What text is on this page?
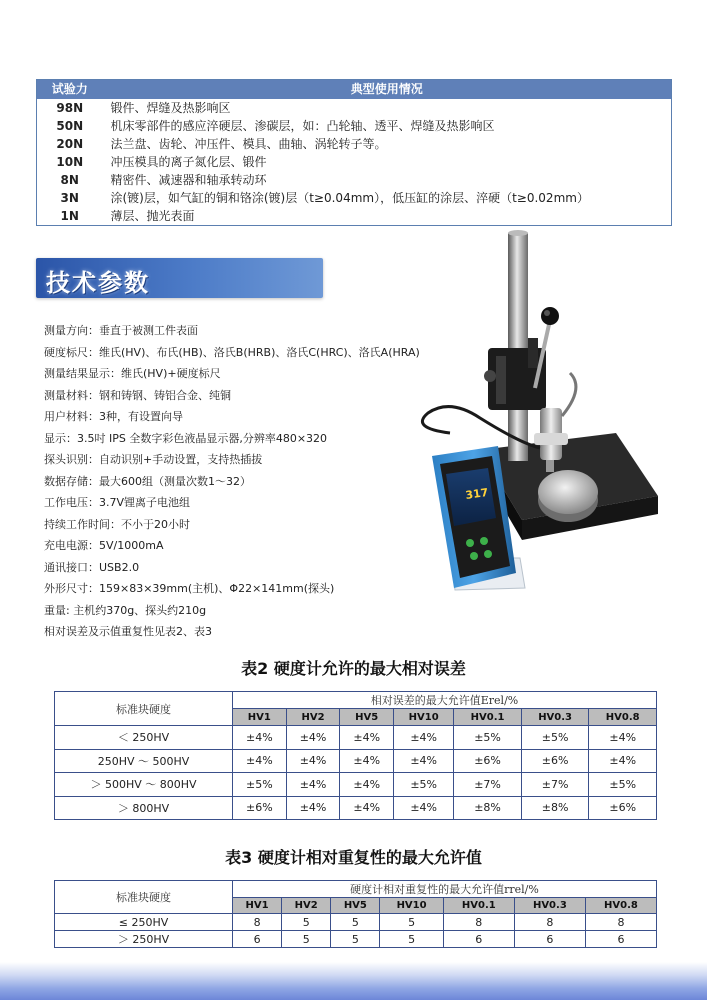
试验力	典型使用情况
98N	锻件、焊缝及热影响区
50N	机床零部件的感应淬硬层、渗碳层，如：凸轮轴、透平、焊缝及热影响区
20N	法兰盘、齿轮、冲压件、模具、曲轴、涡轮转子等。
10N	冲压模具的离子氮化层、锻件
8N	精密件、减速器和轴承转动环
3N	涂(镀)层，如气缸的铜和铬涂(镀)层（t≥0.04mm），低压缸的涂层、淬硬（t≥0.02mm）
1N	薄层、抛光表面
技术参数

测量方向：垂直于被测工件表面

硬度标尺：维氏(HV)、布氏(HB)、洛氏B(HRB)、洛氏C(HRC)、洛氏A(HRA)

测量结果显示：维氏(HV)+硬度标尺

测量材料：钢和铸钢、铸铝合金、纯铜

用户材料：3种，有设置向导

显示：3.5吋 IPS 全数字彩色液晶显示器,分辨率480×320

探头识别：自动识别+手动设置，支持热插拔

数据存储：最大600组（测量次数1～32）

工作电压：3.7V锂离子电池组

持续工作时间：不小于20小时

充电电源：5V/1000mA

通讯接口：USB2.0

外形尺寸：159×83×39mm(主机)、Φ22×141mm(探头)

重量: 主机约370g、探头约210g

相对误差及示值重复性见表2、表3

317
表2 硬度计允许的最大相对误差
标准块硬度	相对误差的最大允许值Erel/%						
	HV1	HV2	HV5	HV10	HV0.1	HV0.3	HV0.8
＜ 250HV	±4%	±4%	±4%	±4%	±5%	±5%	±4%
250HV ～ 500HV	±4%	±4%	±4%	±4%	±6%	±6%	±4%
＞ 500HV ～ 800HV	±5%	±4%	±4%	±5%	±7%	±7%	±5%
＞ 800HV	±6%	±4%	±4%	±4%	±8%	±8%	±6%
表3 硬度计相对重复性的最大允许值
标准块硬度	硬度计相对重复性的最大允许值rrel/%						
	HV1	HV2	HV5	HV10	HV0.1	HV0.3	HV0.8
≤ 250HV	8	5	5	5	8	8	8
＞ 250HV	6	5	5	5	6	6	6
